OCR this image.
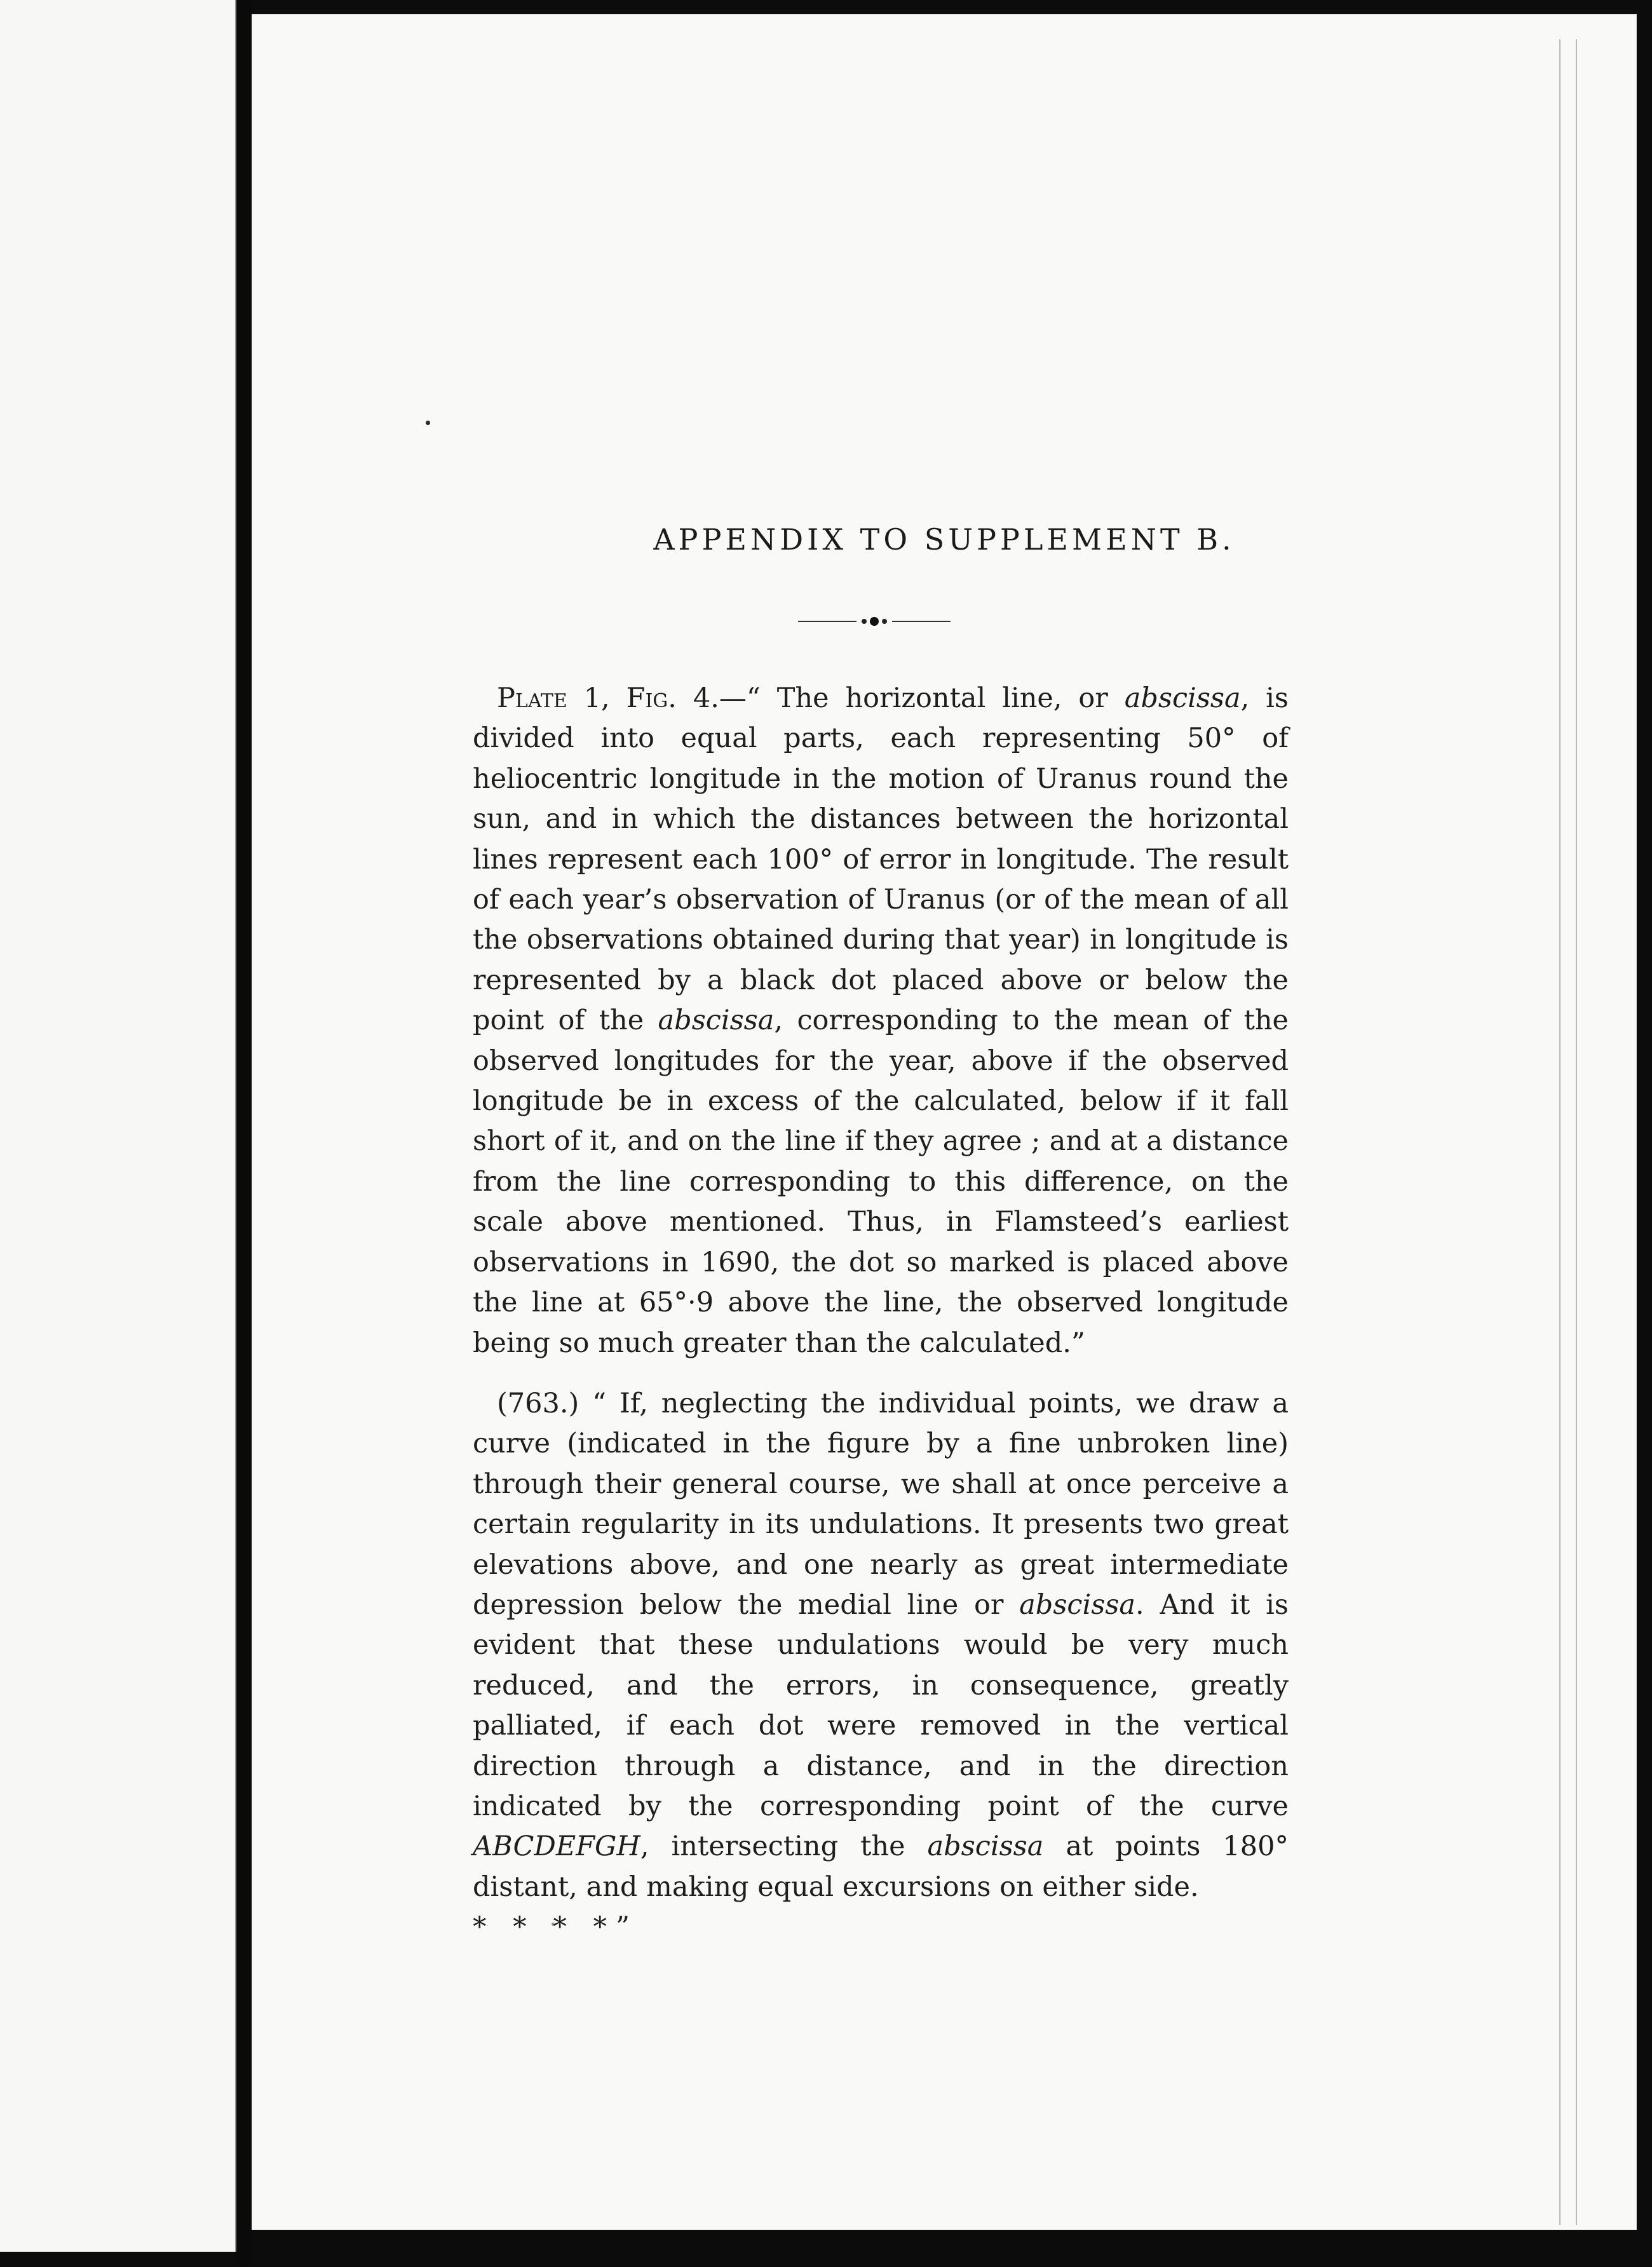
APPENDIX TO SUPPLEMENT B.

Plate 1, Fig. 4.—“ The horizontal line, or abscissa, is divided into equal parts, each representing 50° of heliocentric longitude in the motion of Uranus round the sun, and in which the distances between the horizontal lines represent each 100° of error in longitude. The result of each year’s observation of Uranus (or of the mean of all the observations obtained during that year) in longitude is represented by a black dot placed above or below the point of the abscissa, corresponding to the mean of the observed longitudes for the year, above if the observed longitude be in excess of the calculated, below if it fall short of it, and on the line if they agree ; and at a distance from the line corresponding to this difference, on the scale above mentioned. Thus, in Flamsteed’s earliest observations in 1690, the dot so marked is placed above the line at 65°·9 above the line, the observed longitude being so much greater than the calculated.”

(763.) “ If, neglecting the individual points, we draw a curve (indicated in the figure by a fine unbroken line) through their general course, we shall at once perceive a certain regularity in its undulations. It presents two great elevations above, and one nearly as great intermediate depression below the medial line or abscissa. And it is evident that these undulations would be very much reduced, and the errors, in consequence, greatly palliated, if each dot were removed in the vertical direction through a distance, and in the direction indicated by the corresponding point of the curve ABCDEFGH, intersecting the abscissa at points 180° distant, and making equal excursions on either side.
* * * *”
